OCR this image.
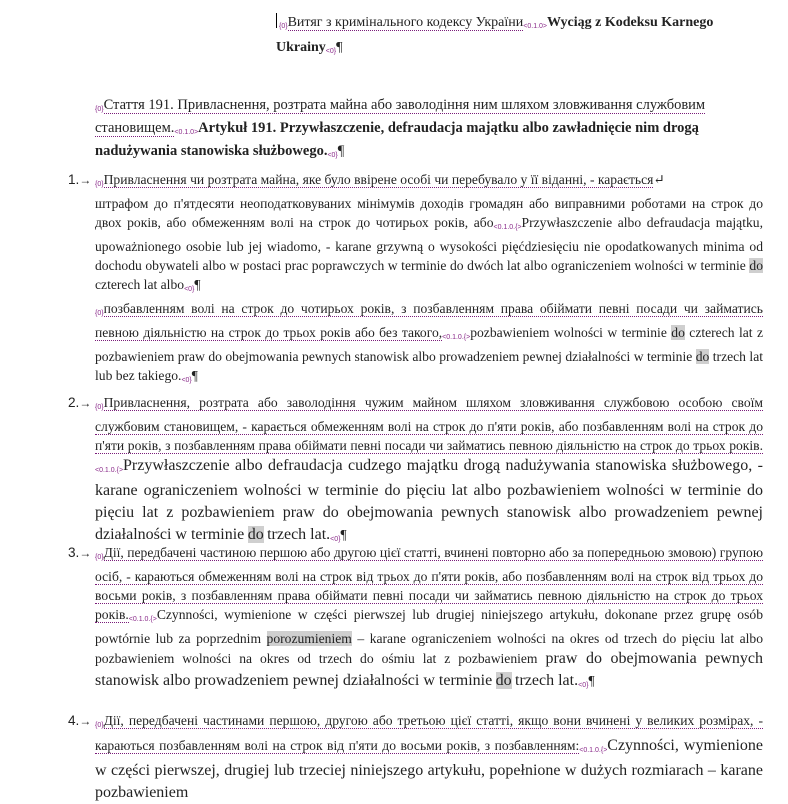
{0}Витяг з кримінального кодексу України<0.1.0>Wyciąg z Kodeksu Karnego Ukrainy<0}¶
{0}Стаття 191. Привласнення, розтрата майна або заволодіння ним шляхом зловживання службовим становищем.<0.1.0>Artykuł 191. Przywłaszczenie, defraudacja majątku albo zawładnięcie nim drogą nadużywania stanowiska służbowego.<0}¶
1.→ {0}Привласнення чи розтрата майна, яке було ввірене особі чи перебувало у її віданні, - карається↵
штрафом до п'ятдесяти неоподатковуваних мінімумів доходів громадян або виправними роботами на строк до двох років, або обмеженням волі на строк до чотирьох років, або<0.1.0.{>Przywłaszczenie albo defraudacja majątku, upoważnionego osobie lub jej wiadomo, - karane grzywną o wysokości pięćdziesięciu nie opodatkowanych minima od dochodu obywateli albo w postaci prac poprawczych w terminie do dwóch lat albo ograniczeniem wolności w terminie do czterech lat albo<0}¶
{0}позбавленням волі на строк до чотирьох років, з позбавленням права обіймати певні посади чи займатись певною діяльністю на строк до трьох років або без такого,<0.1.0.{>pozbawieniem wolności w terminie do czterech lat z pozbawieniem praw do obejmowania pewnych stanowisk albo prowadzeniem pewnej działalności w terminie do trzech lat lub bez takiego.<0}¶
2.→ {0}Привласнення, розтрата або заволодіння чужим майном шляхом зловживання службовою особою своїм службовим становищем, - карається обмеженням волі на строк до п'яти років, або позбавленням волі на строк до п'яти років, з позбавленням права обіймати певні посади чи займатись певною діяльністю на строк до трьох років.<0.1.0.{>Przywłaszczenie albo defraudacja cudzego majątku drogą nadużywania stanowiska służbowego, - karane ograniczeniem wolności w terminie do pięciu lat albo pozbawieniem wolności w terminie do pięciu lat z pozbawieniem praw do obejmowania pewnych stanowisk albo prowadzeniem pewnej działalności w terminie do trzech lat.<0}¶
3.→ {0}Дії, передбачені частиною першою або другою цієї статті, вчинені повторно або за попередньою змовою) групою осіб, - караються обмеженням волі на строк від трьох до п'яти років, або позбавленням волі на строк від трьох до восьми років, з позбавленням права обіймати певні посади чи займатись певною діяльністю на строк до трьох років.<0.1.0.{>Czynności, wymienione w części pierwszej lub drugiej niniejszego artykułu, dokonane przez grupę osób powtórnie lub za poprzednim porozumieniem – karane ograniczeniem wolności na okres od trzech do pięciu lat albo pozbawieniem wolności na okres od trzech do ośmiu lat z pozbawieniem praw do obejmowania pewnych stanowisk albo prowadzeniem pewnej działalności w terminie do trzech lat.<0}¶
4.→ {0}Дії, передбачені частинами першою, другою або третьою цієї статті, якщо вони вчинені у великих розмірах, - караються позбавленням волі на строк від п'яти до восьми років, з позбавленням:<0.1.0.{>Czynności, wymienione w części pierwszej, drugiej lub trzeciej niniejszego artykułu, popełnione w dużych rozmiarach – karane pozbawieniem
